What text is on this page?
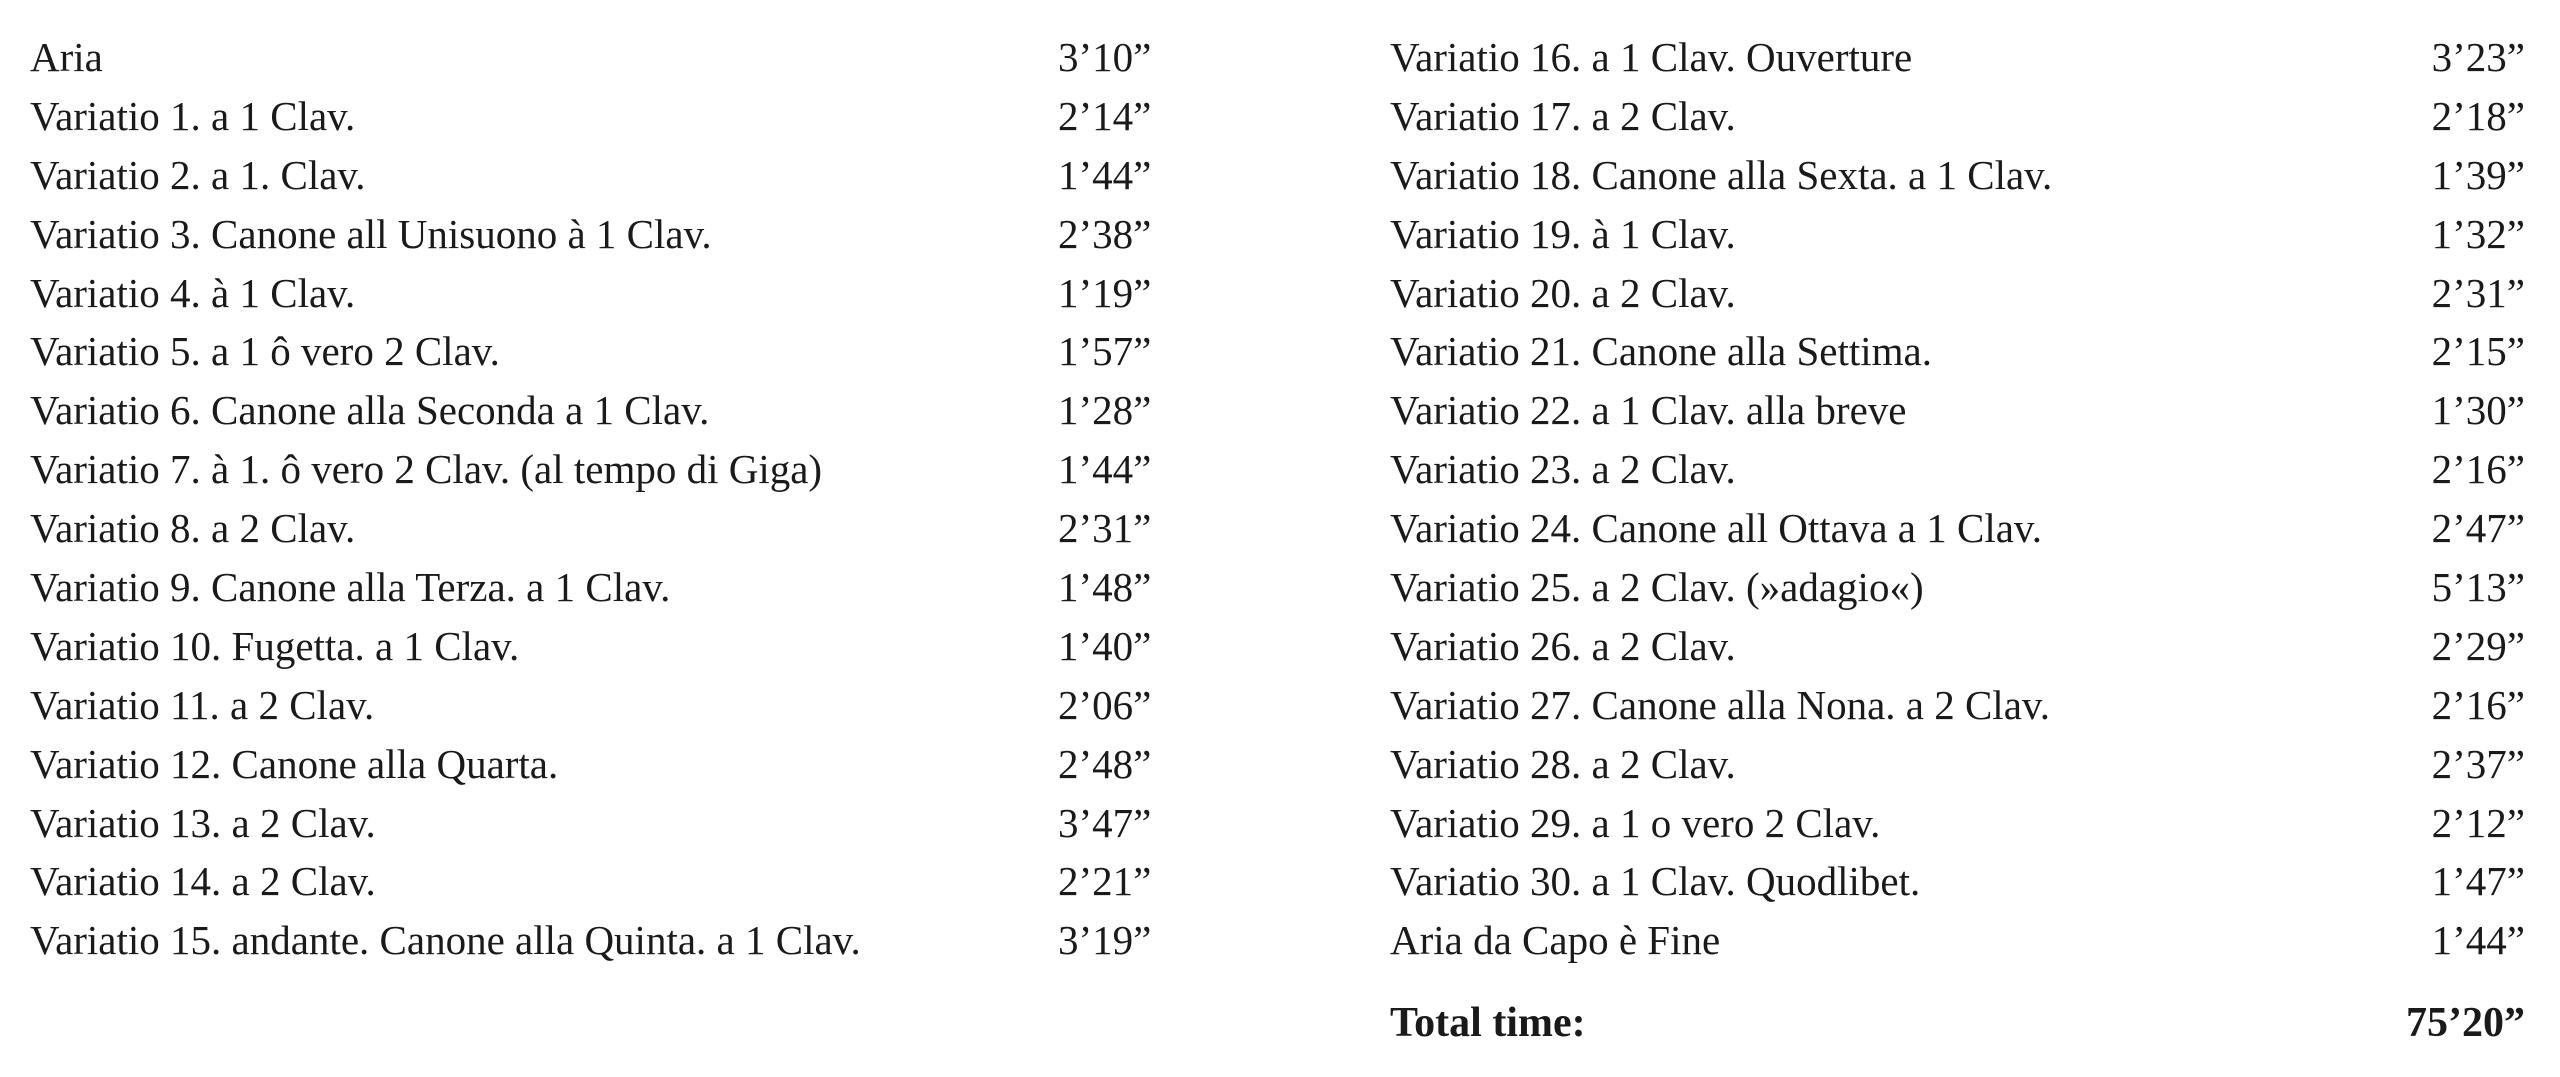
Aria	3’10”
Variatio 1. a 1 Clav.	2’14”
Variatio 2. a 1. Clav.	1’44”
Variatio 3. Canone all Unisuono à 1 Clav.	2’38”
Variatio 4. à 1 Clav.	1’19”
Variatio 5. a 1 ô vero 2 Clav.	1’57”
Variatio 6. Canone alla Seconda a 1 Clav.	1’28”
Variatio 7. à 1. ô vero 2 Clav. (al tempo di Giga)	1’44”
Variatio 8. a 2 Clav.	2’31”
Variatio 9. Canone alla Terza. a 1 Clav.	1’48”
Variatio 10. Fugetta. a 1 Clav.	1’40”
Variatio 11. a 2 Clav.	2’06”
Variatio 12. Canone alla Quarta.	2’48”
Variatio 13. a 2 Clav.	3’47”
Variatio 14. a 2 Clav.	2’21”
Variatio 15. andante. Canone alla Quinta. a 1 Clav.	3’19”
Variatio 16. a 1 Clav. Ouverture	3’23”
Variatio 17. a 2 Clav.	2’18”
Variatio 18. Canone alla Sexta. a 1 Clav.	1’39”
Variatio 19. à 1 Clav.	1’32”
Variatio 20. a 2 Clav.	2’31”
Variatio 21. Canone alla Settima.	2’15”
Variatio 22. a 1 Clav. alla breve	1’30”
Variatio 23. a 2 Clav.	2’16”
Variatio 24. Canone all Ottava a 1 Clav.	2’47”
Variatio 25. a 2 Clav. (»adagio«)	5’13”
Variatio 26. a 2 Clav.	2’29”
Variatio 27. Canone alla Nona. a 2 Clav.	2’16”
Variatio 28. a 2 Clav.	2’37”
Variatio 29. a 1 o vero 2 Clav.	2’12”
Variatio 30. a 1 Clav. Quodlibet.	1’47”
Aria da Capo è Fine	1’44”
Total time:	75’20”
